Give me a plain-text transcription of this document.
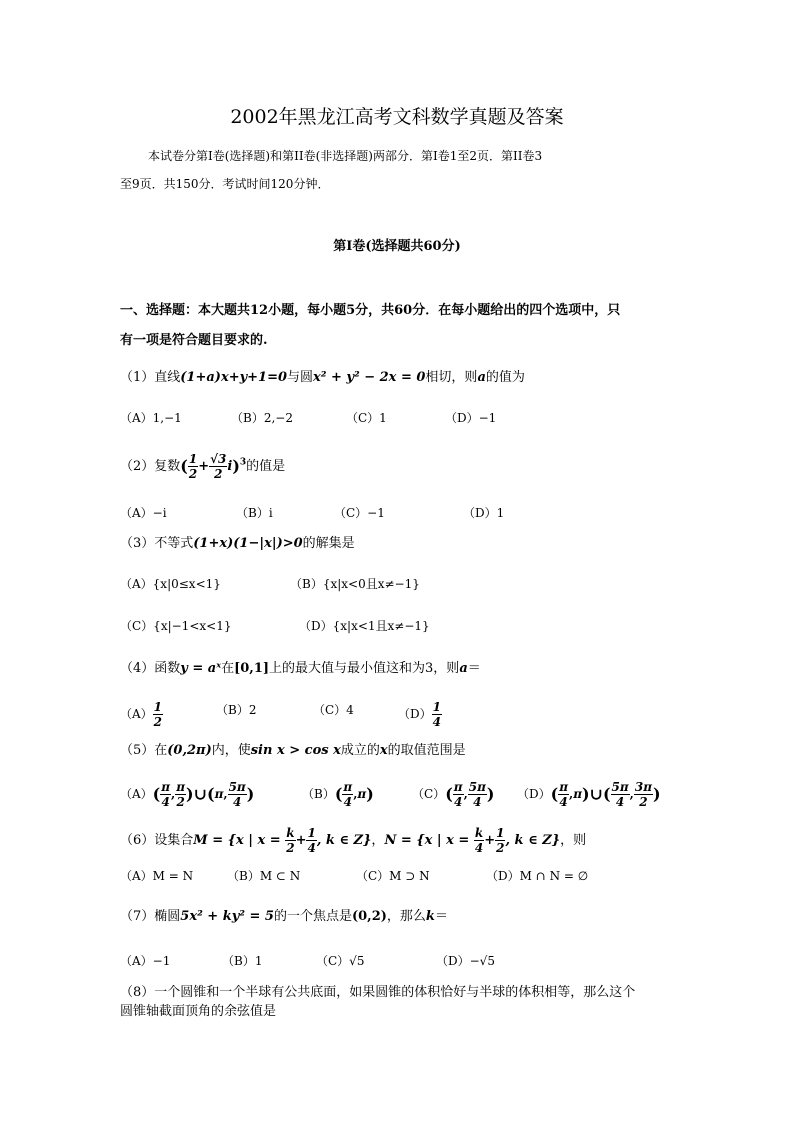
2002年黑龙江高考文科数学真题及答案
本试卷分第Ⅰ卷(选择题)和第II卷(非选择题)两部分．第Ⅰ卷1至2页．第II卷3
至9页．共150分．考试时间120分钟．
第Ⅰ卷(选择题共60分)
一、选择题：本大题共12小题，每小题5分，共60分．在每小题给出的四个选项中，只
有一项是符合题目要求的.
（1）直线(1+a)x+y+1=0与圆x² + y² − 2x = 0相切，则a的值为
（A）1,−1	（B）2,−2	（C）1	（D）−1
（2）复数( $\frac{1}{2} + \frac{√3}{2} i)^3$的值是
（A）−i	（B）i	（C）−1	（D）1
（3）不等式(1+x)(1−|x|)>0的解集是
（A）{x|0≤x<1}	（B）{x|x<0且x≠−1}
（C）{x|−1<x<1}	（D）{x|x<1且x≠−1}
（4）函数y = aˣ在[0,1]上的最大值与最小值这和为3，则a＝
$(A) \frac{1}{2}$	（B）2	（C）4	$(D) \frac{1}{4}$
（5）在(0,2π)内，使sin x > cos x成立的x的取值范围是
$(A)( \frac{\pi}{4}$ , $\frac{\pi}{2}$ )∪(π, $\frac{5\pi}{4}$ )	$(B)( \frac{\pi}{4} ,\pi)$	$(C)( \frac{\pi}{4}$ , $\frac{5\pi}{4}$ ) $(D)( \frac{\pi}{4}$ ,π)∪( $\frac{5\pi}{4}$ , $\frac{3\pi}{2}$ )
（6）设集合M = {x | $x = \frac{k}{2} + \frac{1}{4}$ , k ∈ Z}，N = {x | $x = \frac{k}{4} + \frac{1}{2}$ , k ∈ Z}，则
（A）M = N	（B）M ⊂ N	（C）M ⊃ N	（D）M ∩ N = ∅
（7）椭圆5x² + ky² = 5的一个焦点是(0,2)，那么k＝
（A）−1	（B）1	（C）√5	（D）−√5
（8）一个圆锥和一个半球有公共底面，如果圆锥的体积恰好与半球的体积相等，那么这个
圆锥轴截面顶角的余弦值是
